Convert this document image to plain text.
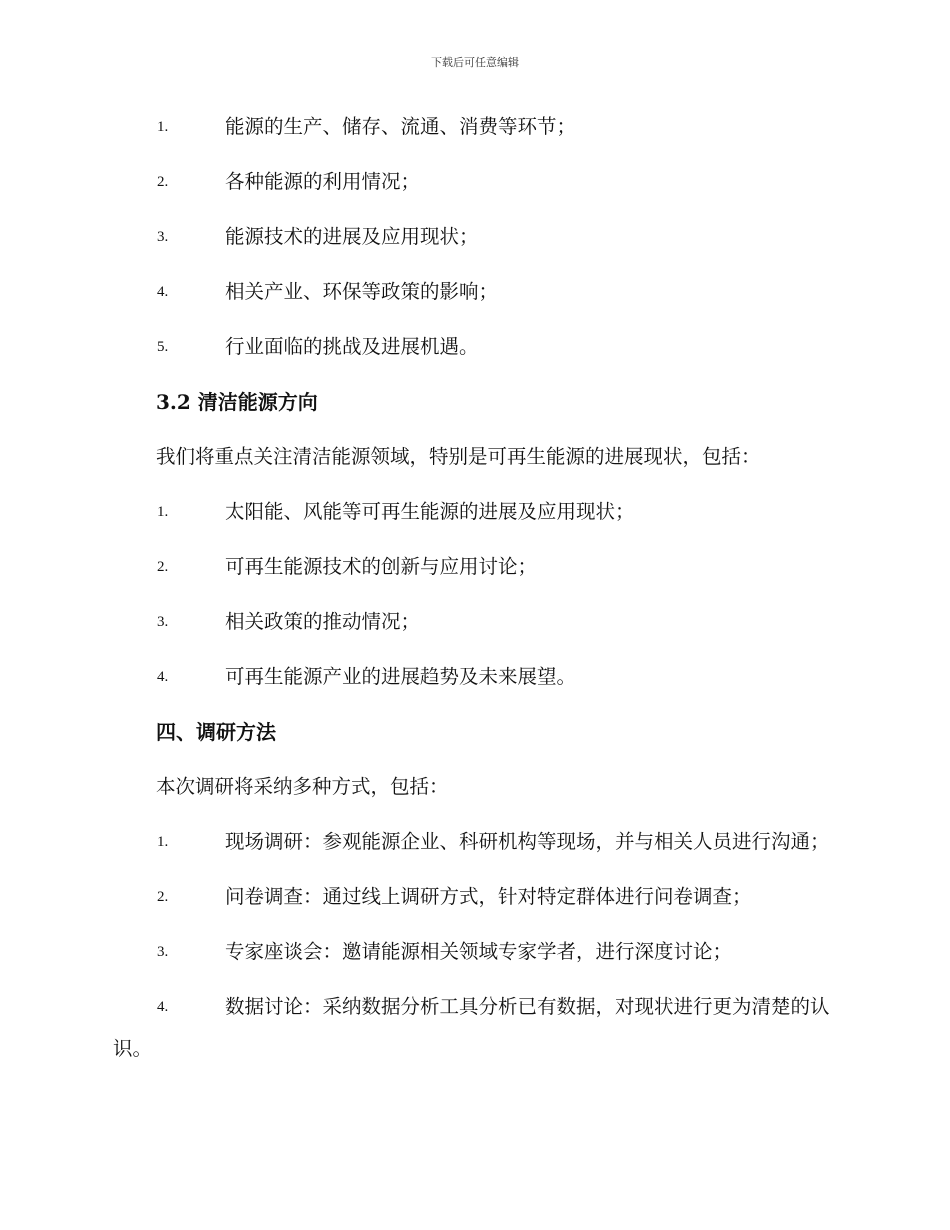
下载后可任意编辑
1.	能源的生产、储存、流通、消费等环节；
2.	各种能源的利用情况；
3.	能源技术的进展及应用现状；
4.	相关产业、环保等政策的影响；
5.	行业面临的挑战及进展机遇。
3.2 清洁能源方向
我们将重点关注清洁能源领域，特别是可再生能源的进展现状，包括：
1.	太阳能、风能等可再生能源的进展及应用现状；
2.	可再生能源技术的创新与应用讨论；
3.	相关政策的推动情况；
4.	可再生能源产业的进展趋势及未来展望。
四、调研方法
本次调研将采纳多种方式，包括：
1.	现场调研：参观能源企业、科研机构等现场，并与相关人员进行沟通；
2.	问卷调查：通过线上调研方式，针对特定群体进行问卷调查；
3.	专家座谈会：邀请能源相关领域专家学者，进行深度讨论；
4.	数据讨论：采纳数据分析工具分析已有数据，对现状进行更为清楚的认识。
